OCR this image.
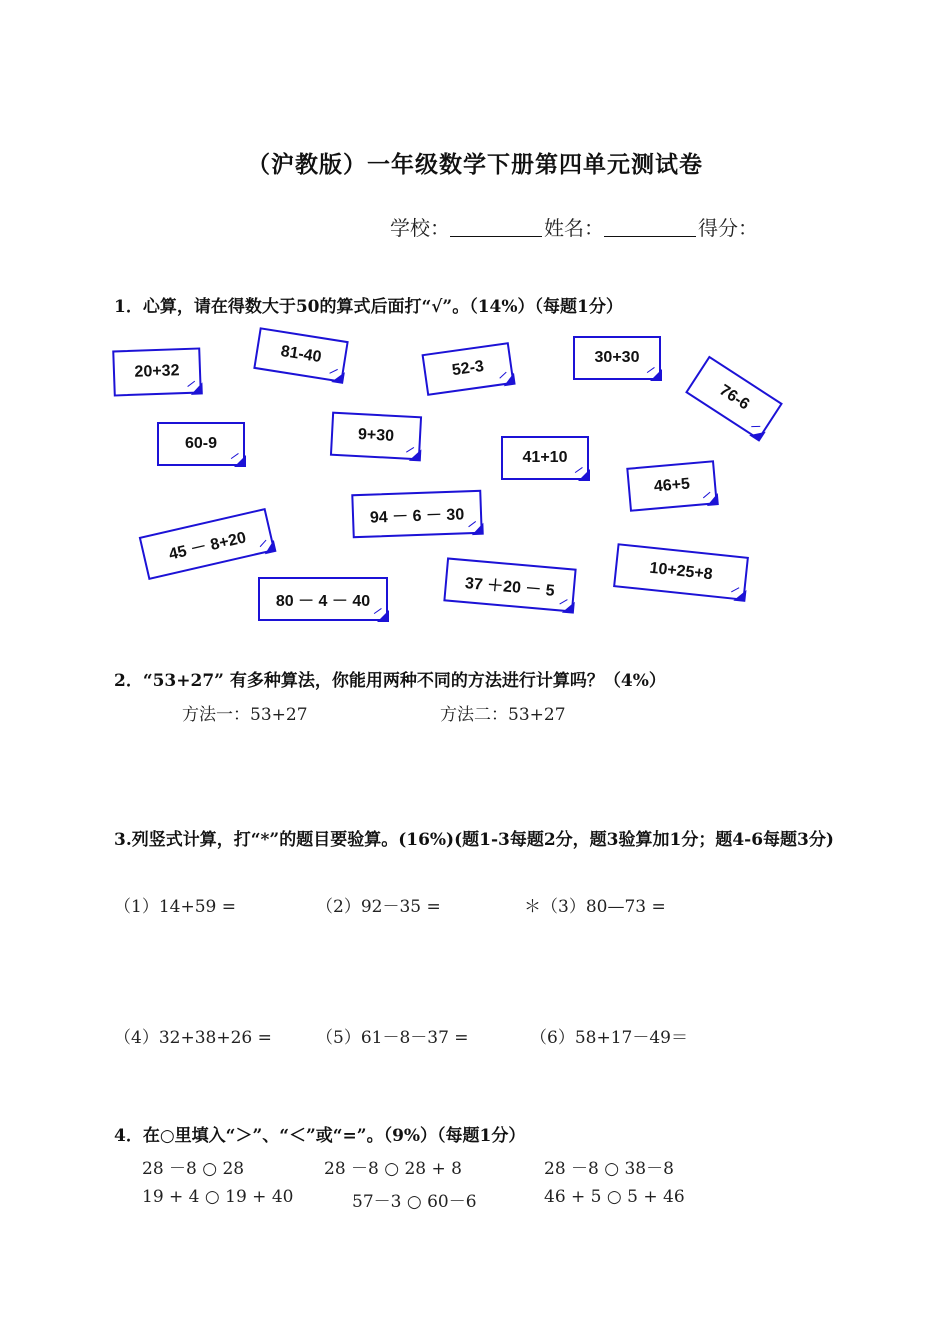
（沪教版）一年级数学下册第四单元测试卷
学校：	姓名：	得分：
1．心算，请在得数大于50的算式后面打“√”。（14%）（每题1分）
20+32
81-40
52-3
30+30
76-6
60-9	9+30
41+10
46+5
94 － 6 － 30
45 － 8+20
37 ＋20 － 5
10+25+8
80 － 4 － 40
2．“53+27” 有多种算法，你能用两种不同的方法进行计算吗？（4%）
方法一：53+27	方法二：53+27
3.列竖式计算，打“*”的题目要验算。(16%)(题1-3每题2分，题3验算加1分；题4-6每题3分)
（1）14+59 =	（2）92－35 =	＊（3）80—73 =
（4）32+38+26 =	（5）61－8－37 =	（6）58+17－49＝
4．在○里填入“＞”、“＜”或“=”。（9%）（每题1分）
28 －8 ○ 28	28 －8 ○ 28 + 8	28 －8 ○ 38－8
19 + 4 ○ 19 + 40	57－3 ○ 60－6	46 + 5 ○ 5 + 46
